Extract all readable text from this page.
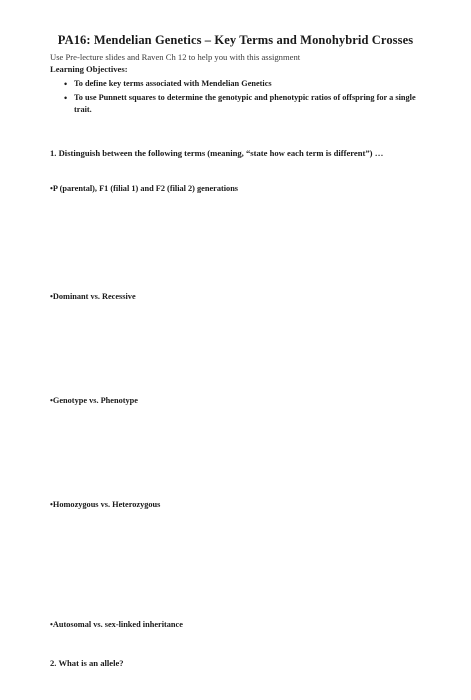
PA16: Mendelian Genetics – Key Terms and Monohybrid Crosses
Use Pre-lecture slides and Raven Ch 12 to help you with this assignment
Learning Objectives:
• To define key terms associated with Mendelian Genetics
• To use Punnett squares to determine the genotypic and phenotypic ratios of offspring for a single trait.
1. Distinguish between the following terms (meaning, “state how each term is different”) …
•P (parental), F1 (filial 1) and F2 (filial 2) generations
•Dominant vs. Recessive
•Genotype vs. Phenotype
•Homozygous vs. Heterozygous
•Autosomal vs. sex-linked inheritance
2. What is an allele?
